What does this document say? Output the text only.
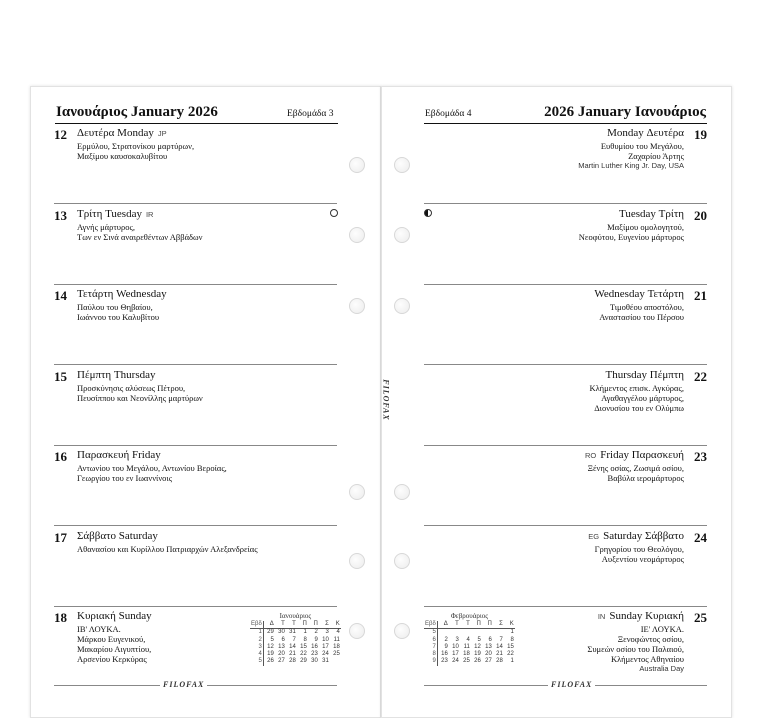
Ιανουάριος January 2026	Εβδομάδα 3	Εβδομάδα 4	2026 January Ιανουάριος
FILOFAX
12 Δευτέρα Monday JP
Ερμύλου, Στρατονίκου μαρτύρων,
Μαξίμου καυσοκαλυβίτου
13 Τρίτη Tuesday IR
Αγνής μάρτυρος,
Των εν Σινά αναιρεθέντων Αββάδων
14 Τετάρτη Wednesday
Παύλου του Θηβαίου,
Ιωάννου του Καλυβίτου
15 Πέμπτη Thursday
Προσκύνησις αλύσεως Πέτρου,
Πευσίππου και Νεονίλλης μαρτύρων
16 Παρασκευή Friday
Αντωνίου του Μεγάλου, Αντωνίου Βεροίας,
Γεωργίου του εν Ιωαννίνοις
17 Σάββατο Saturday
Αθανασίου και Κυρίλλου Πατριαρχών Αλεξανδρείας
18 Κυριακή Sunday
ΙΒ' ΛΟΥΚΑ.
Μάρκου Ευγενικού,
Μακαρίου Αιγυπτίου,
Αρσενίου Κερκύρας
FILOFAX
Ιανουάριος
Εβδ	Δ	Τ	Τ	Π	Π	Σ	Κ
1	29	30	31	1	2	3	4
2	5	6	7	8	9	10	11
3	12	13	14	15	16	17	18
4	19	20	21	22	23	24	25
5	26	27	28	29	30	31	
19
Monday Δευτέρα
Ευθυμίου του Μεγάλου,
Ζαχαρίου Άρτης
Martin Luther King Jr. Day, USA
20
Tuesday Τρίτη
Μαξίμου ομολογητού,
Νεοφύτου, Ευγενίου μάρτυρος
21
Wednesday Τετάρτη
Τιμοθέου αποστόλου,
Αναστασίου του Πέρσου
22
Thursday Πέμπτη
Κλήμεντος επισκ. Αγκύρας,
Αγαθαγγέλου μάρτυρος,
Διονυσίου του εν Ολύμπω
23
RO Friday Παρασκευή
Ξένης οσίας, Ζωσιμά οσίου,
Βαβύλα ιερομάρτυρος
24
EG Saturday Σάββατο
Γρηγορίου του Θεολόγου,
Αυξεντίου νεομάρτυρος
25
IN Sunday Κυριακή
ΙΕ' ΛΟΥΚΑ.
Ξενοφώντος οσίου,
Συμεών οσίου του Παλαιού,
Κλήμεντος Αθηναίου
Australia Day
FILOFAX
Φεβρουάριος
Εβδ	Δ	Τ	Τ	Π	Π	Σ	Κ
5							1
6	2	3	4	5	6	7	8
7	9	10	11	12	13	14	15
8	16	17	18	19	20	21	22
9	23	24	25	26	27	28	1
